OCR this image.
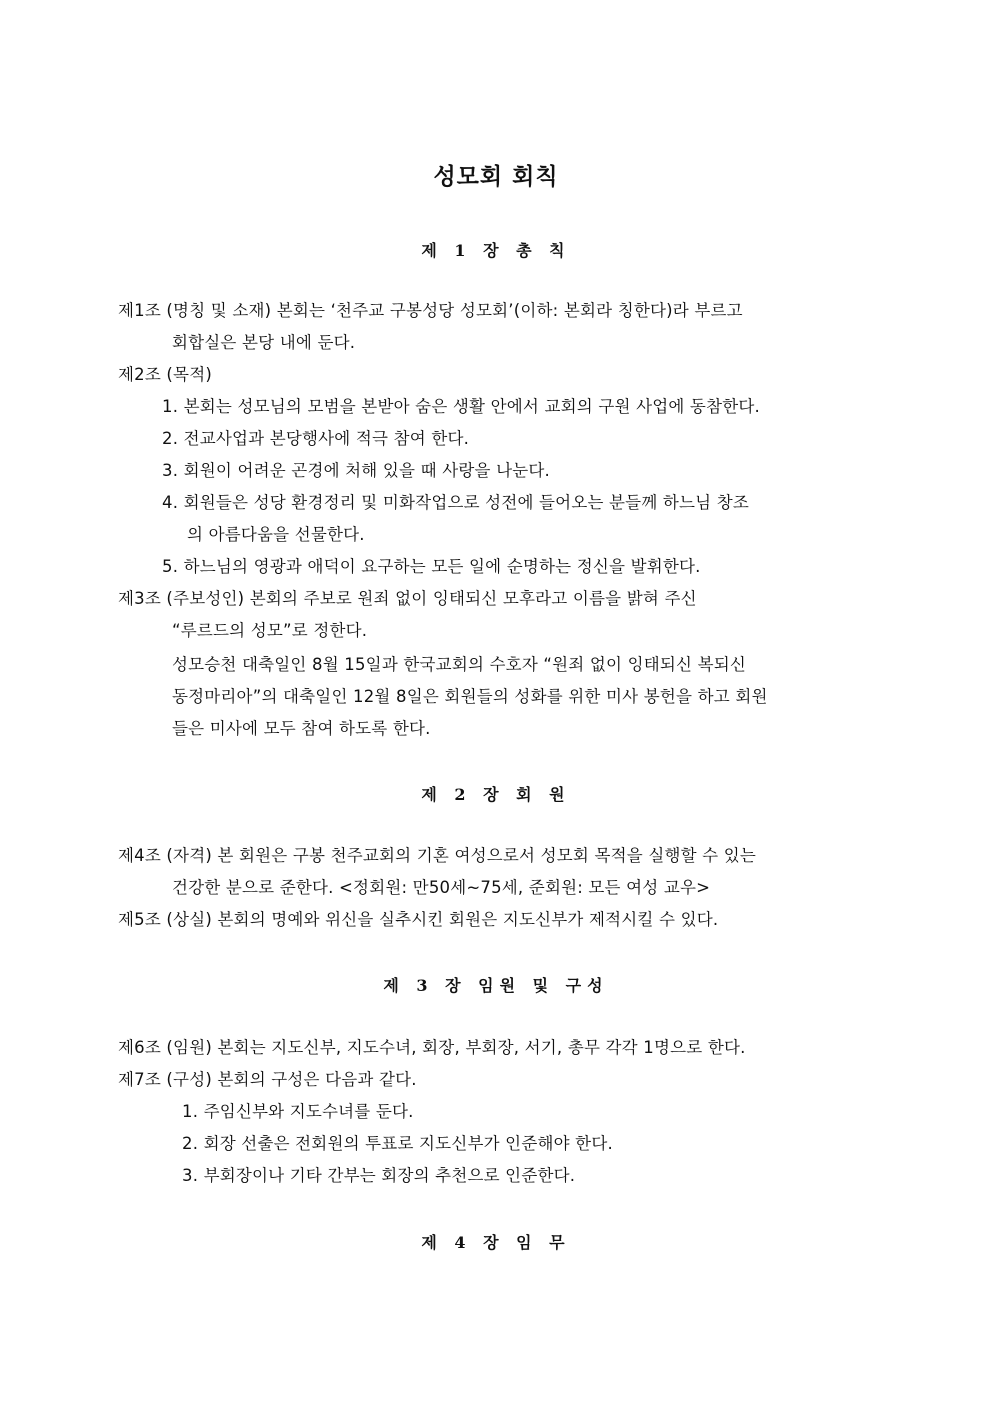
성모회 회칙
제 1 장 총 칙
제1조 (명칭 및 소재) 본회는 ‘천주교 구봉성당 성모회’(이하: 본회라 칭한다)라 부르고
회합실은 본당 내에 둔다.
제2조 (목적)
1. 본회는 성모님의 모범을 본받아 숨은 생활 안에서 교회의 구원 사업에 동참한다.
2. 전교사업과 본당행사에 적극 참여 한다.
3. 회원이 어려운 곤경에 처해 있을 때 사랑을 나눈다.
4. 회원들은 성당 환경정리 및 미화작업으로 성전에 들어오는 분들께 하느님 창조
의 아름다움을 선물한다.
5. 하느님의 영광과 애덕이 요구하는 모든 일에 순명하는 정신을 발휘한다.
제3조 (주보성인) 본회의 주보로 원죄 없이 잉태되신 모후라고 이름을 밝혀 주신
“루르드의 성모”로 정한다.
성모승천 대축일인 8월 15일과 한국교회의 수호자 “원죄 없이 잉태되신 복되신
동정마리아”의 대축일인 12월 8일은 회원들의 성화를 위한 미사 봉헌을 하고 회원
들은 미사에 모두 참여 하도록 한다.
제 2 장 회 원
제4조 (자격) 본 회원은 구봉 천주교회의 기혼 여성으로서 성모회 목적을 실행할 수 있는
건강한 분으로 준한다. <정회원: 만50세~75세, 준회원: 모든 여성 교우>
제5조 (상실) 본회의 명예와 위신을 실추시킨 회원은 지도신부가 제적시킬 수 있다.
제 3 장 임원 및 구성
제6조 (임원) 본회는 지도신부, 지도수녀, 회장, 부회장, 서기, 총무 각각 1명으로 한다.
제7조 (구성) 본회의 구성은 다음과 같다.
1. 주임신부와 지도수녀를 둔다.
2. 회장 선출은 전회원의 투표로 지도신부가 인준해야 한다.
3. 부회장이나 기타 간부는 회장의 추천으로 인준한다.
제 4 장 임 무
